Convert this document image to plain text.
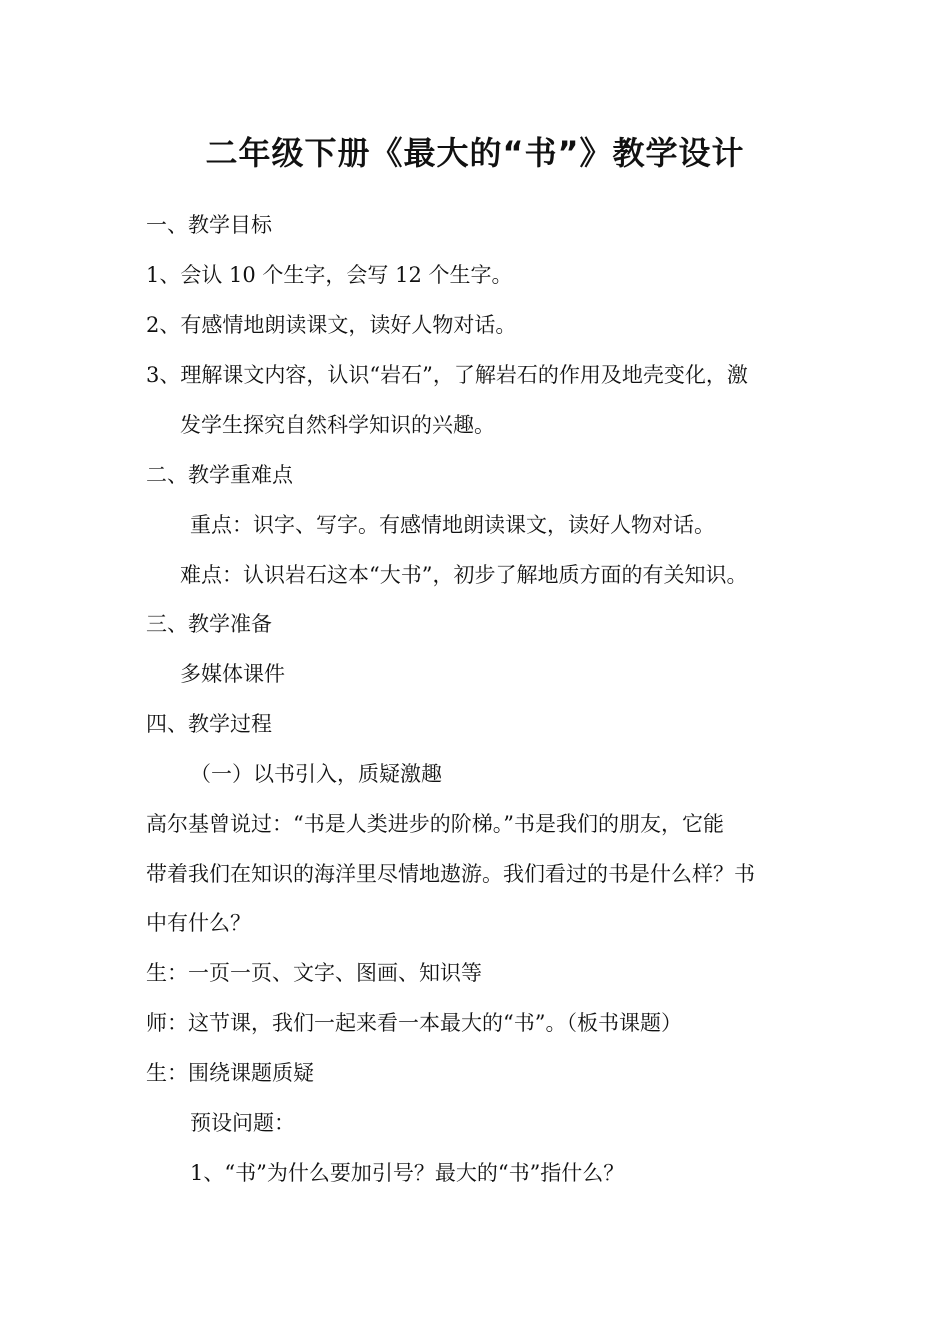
二年级下册《最大的“书”》教学设计
一、教学目标
1、会认 10 个生字，会写 12 个生字。
2、有感情地朗读课文，读好人物对话。
3、理解课文内容，认识“岩石”，了解岩石的作用及地壳变化，激
发学生探究自然科学知识的兴趣。
二、教学重难点
重点：识字、写字。有感情地朗读课文，读好人物对话。
难点：认识岩石这本“大书”，初步了解地质方面的有关知识。
三、教学准备
多媒体课件
四、教学过程
（一）以书引入，质疑激趣
高尔基曾说过：“书是人类进步的阶梯。”书是我们的朋友，它能
带着我们在知识的海洋里尽情地遨游。我们看过的书是什么样？书
中有什么？
生：一页一页、文字、图画、知识等
师：这节课，我们一起来看一本最大的“书”。（板书课题）
生：围绕课题质疑
预设问题：
1、“书”为什么要加引号？最大的“书”指什么？
